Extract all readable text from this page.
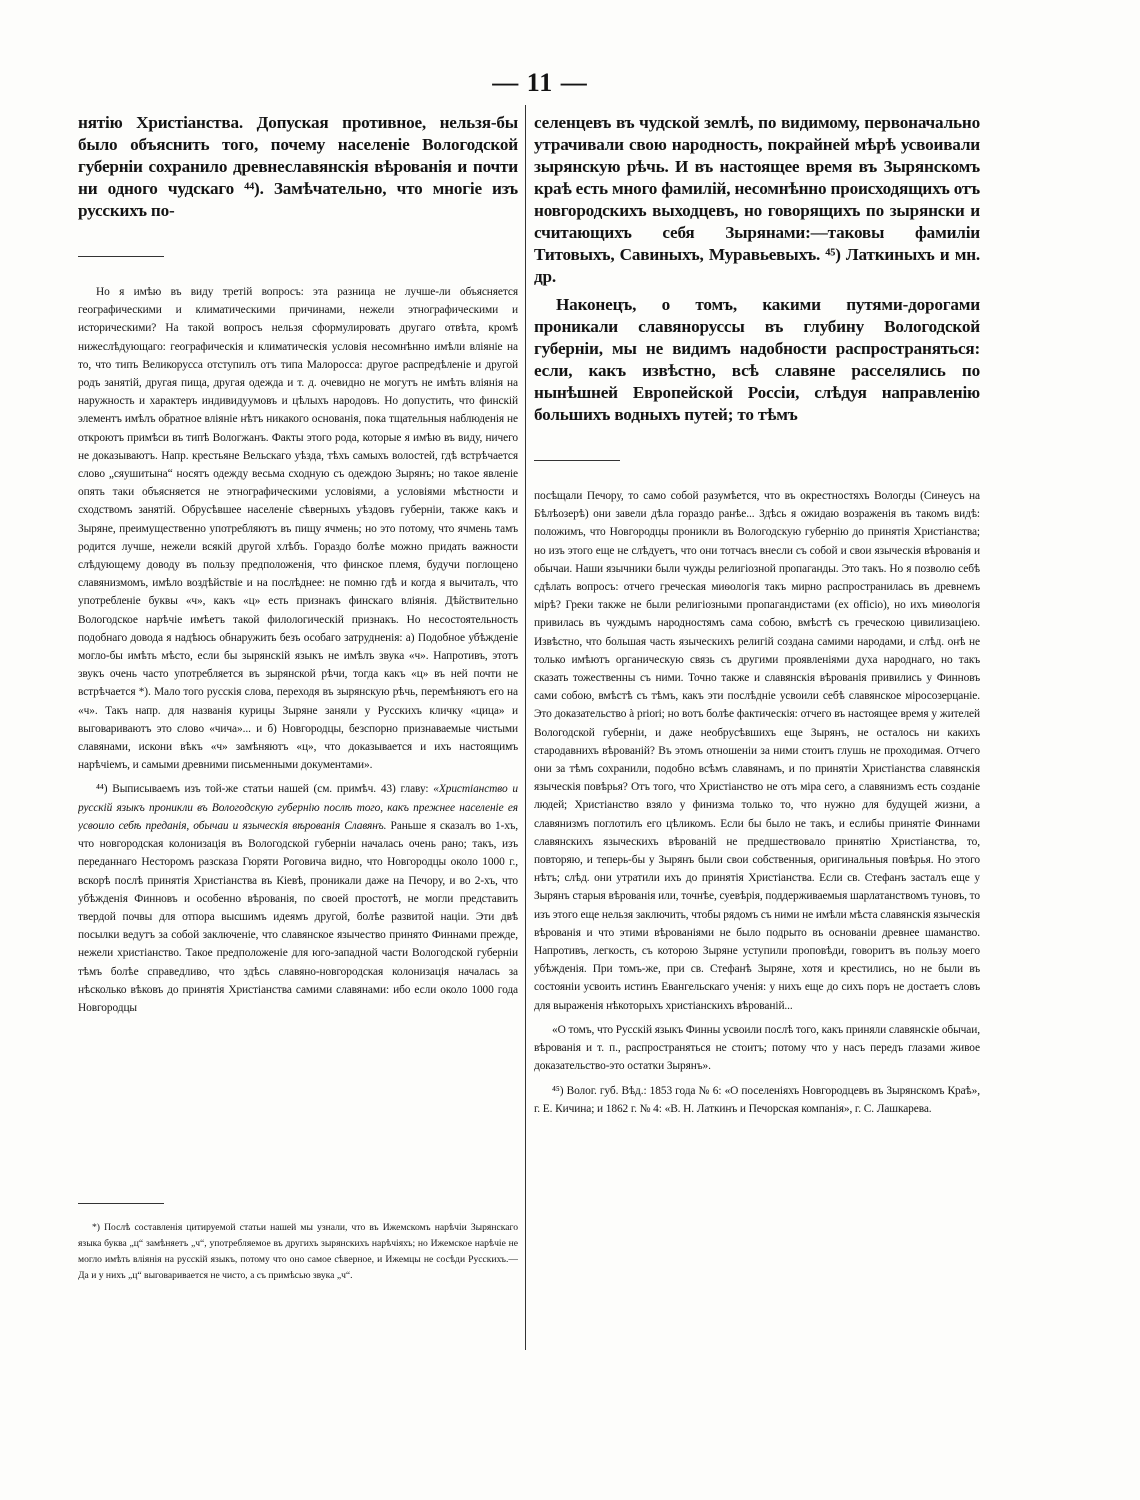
— 11 —

нятію Христіанства. Допуская противное, нельзя-бы было объяснить того, почему населеніе Вологодской губерніи сохранило древнеславянскія вѣрованія и почти ни одного чудскаго ⁴⁴). Замѣчательно, что многіе изъ русскихъ по-

Но я имѣю въ виду третій вопросъ: эта разница не лучше-ли объясняется географическими и климатическими причинами, нежели этнографическими и историческими? На такой вопросъ нельзя сформулировать другаго отвѣта, кромѣ нижеслѣдующаго: географическія и климатическія условія несомнѣнно имѣли вліяніе на то, что типъ Великорусса отступилъ отъ типа Малоросса: другое распредѣленіе и другой родъ занятій, другая пища, другая одежда и т. д. очевидно не могутъ не имѣть вліянія на наружность и характеръ индивидуумовъ и цѣлыхъ народовъ. Но допустить, что финскій элементъ имѣлъ обратное вліяніе нѣтъ никакого основанія, пока тщательныя наблюденія не откроютъ примѣси въ типѣ Вологжанъ. Факты этого рода, которые я имѣю въ виду, ничего не доказываютъ. Напр. крестьяне Вельскаго уѣзда, тѣхъ самыхъ волостей, гдѣ встрѣчается слово „сяушитына“ носятъ одежду весьма сходную съ одеждою Зырянъ; но такое явленіе опять таки объясняется не этнографическими условіями, а условіями мѣстности и сходствомъ занятій. Обрусѣвшее населеніе сѣверныхъ уѣздовъ губерніи, также какъ и Зыряне, преимущественно употребляютъ въ пищу ячмень; но это потому, что ячмень тамъ родится лучше, нежели всякій другой хлѣбъ. Гораздо болѣе можно придать важности слѣдующему доводу въ пользу предположенія, что финское племя, будучи поглощено славянизмомъ, имѣло воздѣйствіе и на послѣднее: не помню гдѣ и когда я вычиталъ, что употребленіе буквы «ч», какъ «ц» есть признакъ финскаго вліянія. Дѣйствительно Вологодское нарѣчіе имѣетъ такой филологическій признакъ. Но несостоятельность подобнаго довода я надѣюсь обнаружить безъ особаго затрудненія: а) Подобное убѣжденіе могло-бы имѣть мѣсто, если бы зырянскій языкъ не имѣлъ звука «ч». Напротивъ, этотъ звукъ очень часто употребляется въ зырянской рѣчи, тогда какъ «ц» въ ней почти не встрѣчается *). Мало того русскія слова, переходя въ зырянскую рѣчь, перемѣняютъ его на «ч». Такъ напр. для названія курицы Зыряне заняли у Русскихъ кличку «цица» и выговариваютъ это слово «чича»... и б) Новгородцы, безспорно признаваемые чистыми славянами, искони вѣкъ «ч» замѣняютъ «ц», что доказывается и ихъ настоящимъ нарѣчіемъ, и самыми древними письменными документами».

⁴⁴) Выписываемъ изъ той-же статьи нашей (см. примѣч. 43) главу: «Христіанство и русскій языкъ проникли въ Вологодскую губернію послѣ того, какъ прежнее населеніе ея усвоило себѣ преданія, обычаи и языческія вѣрованія Славянъ. Раньше я сказалъ во 1-хъ, что новгородская колонизація въ Вологодской губерніи началась очень рано; такъ, изъ переданнаго Несторомъ разсказа Гюряти Роговича видно, что Новгородцы около 1000 г., вскорѣ послѣ принятія Христіанства въ Кіевѣ, проникали даже на Печору, и во 2-хъ, что убѣжденія Финновъ и особенно вѣрованія, по своей простотѣ, не могли представить твердой почвы для отпора высшимъ идеямъ другой, болѣе развитой націи. Эти двѣ посылки ведутъ за собой заключеніе, что славянское язычество принято Финнами прежде, нежели христіанство. Такое предположеніе для юго-западной части Вологодской губерніи тѣмъ болѣе справедливо, что здѣсь славяно-новгородская колонизація началась за нѣсколько вѣковъ до принятія Христіанства самими славянами: ибо если около 1000 года Новгородцы

*) Послѣ составленія цитируемой статьи нашей мы узнали, что въ Ижемскомъ нарѣчіи Зырянскаго языка буква „ц“ замѣняетъ „ч“, употребляемое въ другихъ зырянскихъ нарѣчіяхъ; но Ижемское нарѣчіе не могло имѣть вліянія на русскій языкъ, потому что оно самое сѣверное, и Ижемцы не сосѣди Русскихъ.— Да и у нихъ „ц“ выговаривается не чисто, а съ примѣсью звука „ч“.

селенцевъ въ чудской землѣ, по видимому, первоначально утрачивали свою народность, покрайней мѣрѣ усвоивали зырянскую рѣчь. И въ настоящее время въ Зырянскомъ краѣ есть много фамилій, несомнѣнно происходящихъ отъ новгородскихъ выходцевъ, но говорящихъ по зырянски и считающихъ себя Зырянами:—таковы фамиліи Титовыхъ, Савиныхъ, Муравьевыхъ. ⁴⁵) Латкиныхъ и мн. др.

Наконецъ, о томъ, какими путями-дорогами проникали славянорусcы въ глубину Вологодской губерніи, мы не видимъ надобности распространяться: если, какъ извѣстно, всѣ славяне расселялись по нынѣшней Европейской Россіи, слѣдуя направленію большихъ водныхъ путей; то тѣмъ

посѣщали Печору, то само собой разумѣется, что въ окрестностяхъ Вологды (Синеусъ на Бѣлѣозерѣ) они завели дѣла гораздо ранѣе... Здѣсь я ожидаю возраженія въ такомъ видѣ: положимъ, что Новгородцы проникли въ Вологодскую губернію до принятія Христіанства; но изъ этого еще не слѣдуетъ, что они тотчасъ внесли съ собой и свои языческія вѣрованія и обычаи. Наши язычники были чужды религіозной пропаганды. Это такъ. Но я позволю себѣ сдѣлать вопросъ: отчего греческая миѳологія такъ мирно распространилась въ древнемъ мірѣ? Греки также не были религіозными пропагандистами (ex officio), но ихъ миѳологія привилась въ чуждымъ народностямъ сама собою, вмѣстѣ съ греческою цивилизаціею. Извѣстно, что большая часть языческихъ религій создана самими народами, и слѣд. онѣ не только имѣютъ органическую связь съ другими проявленіями духа народнаго, но такъ сказать тожественны съ ними. Точно также и славянскія вѣрованія привились у Финновъ сами собою, вмѣстѣ съ тѣмъ, какъ эти послѣдніе усвоили себѣ славянское міросозерцаніе. Это доказательство à priori; но вотъ болѣе фактическія: отчего въ настоящее время у жителей Вологодской губерніи, и даже необрусѣвшихъ еще Зырянъ, не осталось ни какихъ стародавнихъ вѣрованій? Въ этомъ отношеніи за ними стоитъ глушь не проходимая. Отчего они за тѣмъ сохранили, подобно всѣмъ славянамъ, и по принятіи Христіанства славянскія языческія повѣрья? Отъ того, что Христіанство не отъ міра сего, а славянизмъ есть созданіе людей; Христіанство взяло у финизма только то, что нужно для будущей жизни, а славянизмъ поглотилъ его цѣликомъ. Если бы было не такъ, и еслибы принятіе Финнами славянскихъ языческихъ вѣрованій не предшествовало принятію Христіанства, то, повторяю, и теперь-бы у Зырянъ были свои собственныя, оригинальныя повѣрья. Но этого нѣтъ; слѣд. они утратили ихъ до принятія Христіанства. Если св. Стефанъ засталъ еще у Зырянъ старыя вѣрованія или, точнѣе, суевѣрія, поддерживаемыя шарлатанствомъ туновъ, то изъ этого еще нельзя заключить, чтобы рядомъ съ ними не имѣли мѣста славянскія языческія вѣрованія и что этими вѣрованіями не было подрыто въ основаніи древнее шаманство. Напротивъ, легкость, съ которою Зыряне уступили проповѣди, говоритъ въ пользу моего убѣжденія. При томъ-же, при св. Стефанѣ Зыряне, хотя и крестились, но не были въ состояніи усвоить истинъ Евангельскаго ученія: у нихъ еще до сихъ поръ не достаетъ словъ для выраженія нѣкоторыхъ христіанскихъ вѣрованій...

«О томъ, что Русскій языкъ Финны усвоили послѣ того, какъ приняли славянскіе обычаи, вѣрованія и т. п., распространяться не стоитъ; потому что у насъ передъ глазами живое доказательство-это остатки Зырянъ».

⁴⁵) Волог. губ. Вѣд.: 1853 года № 6: «О поселеніяхъ Новгородцевъ въ Зырянскомъ Краѣ», г. Е. Кичина; и 1862 г. № 4: «В. Н. Латкинъ и Печорская компанія», г. С. Лашкарева.
